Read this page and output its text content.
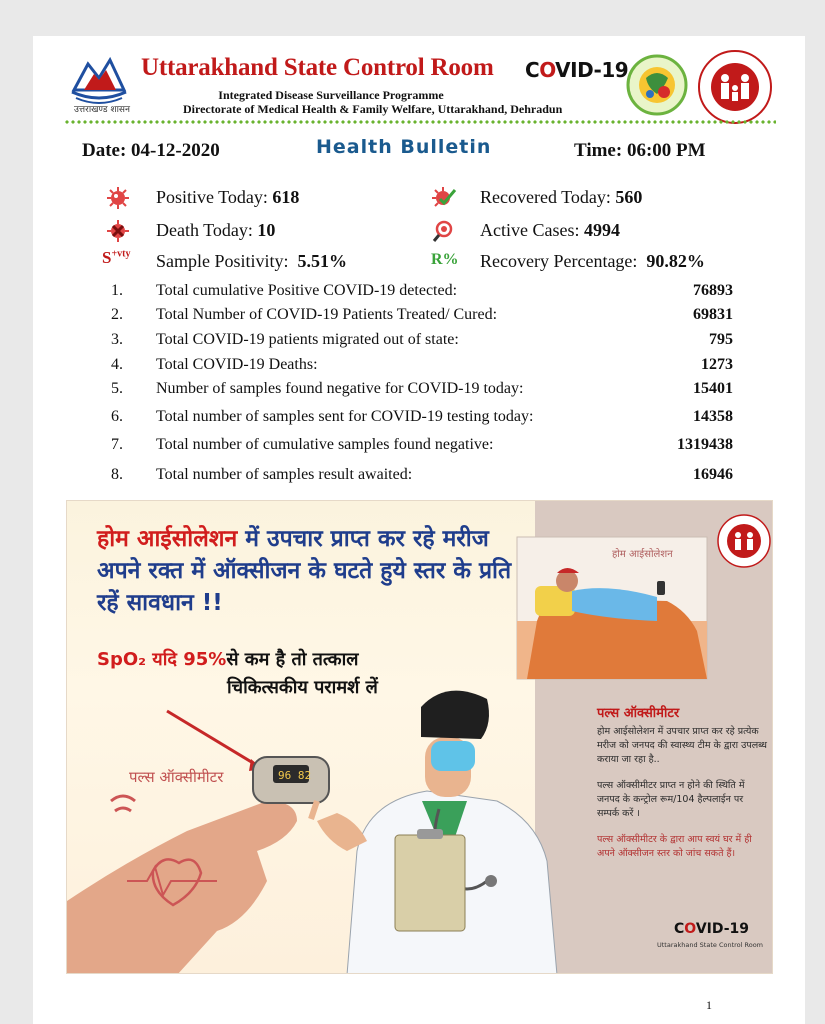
उत्तराखण्ड शासन
Uttarakhand State Control Room COVID-19
Integrated Disease Surveillance Programme
Directorate of Medical Health & Family Welfare, Uttarakhand, Dehradun
Date: 04-12-2020	Health Bulletin	Time: 06:00 PM
Positive Today: 618	Recovered Today: 560
Death Today: 10	Active Cases: 4994
$S^{+vty}$ Sample Positivity: 5.51%	R% Recovery Percentage: 90.82%
1.	Total cumulative Positive COVID-19 detected:	76893
2.	Total Number of COVID-19 Patients Treated/ Cured:	69831
3.	Total COVID-19 patients migrated out of state:	795
4.	Total COVID-19 Deaths:	1273
5.	Number of samples found negative for COVID-19 today:	15401
6.	Total number of samples sent for COVID-19 testing today:	14358
7.	Total number of cumulative samples found negative:	1319438
8.	Total number of samples result awaited:	16946
96 82
होम आईसोलेशन में उपचार प्राप्त कर रहे मरीज अपने रक्त में ऑक्सीजन के घटते हुये स्तर के प्रति रहें सावधान !!
SpO₂ यदि 95%से कम है तो तत्काल
चिकित्सकीय परामर्श लें
पल्स ऑक्सीमीटर
होम आईसोलेशन
पल्स ऑक्सीमीटर

होम आईसोलेशन में उपचार प्राप्त कर रहे प्रत्येक मरीज को जनपद की स्वास्थ्य टीम के द्वारा उपलब्ध कराया जा रहा है..

पल्स ऑक्सीमीटर प्राप्त न होने की स्थिति में जनपद के कन्ट्रोल रूम/104 हैल्पलाईन पर सम्पर्क करें ।

पल्स ऑक्सीमीटर के द्वारा आप स्वयं घर में ही अपने ऑक्सीजन स्तर को जांच सकते हैं।

COVID-19
Uttarakhand State Control Room
1
